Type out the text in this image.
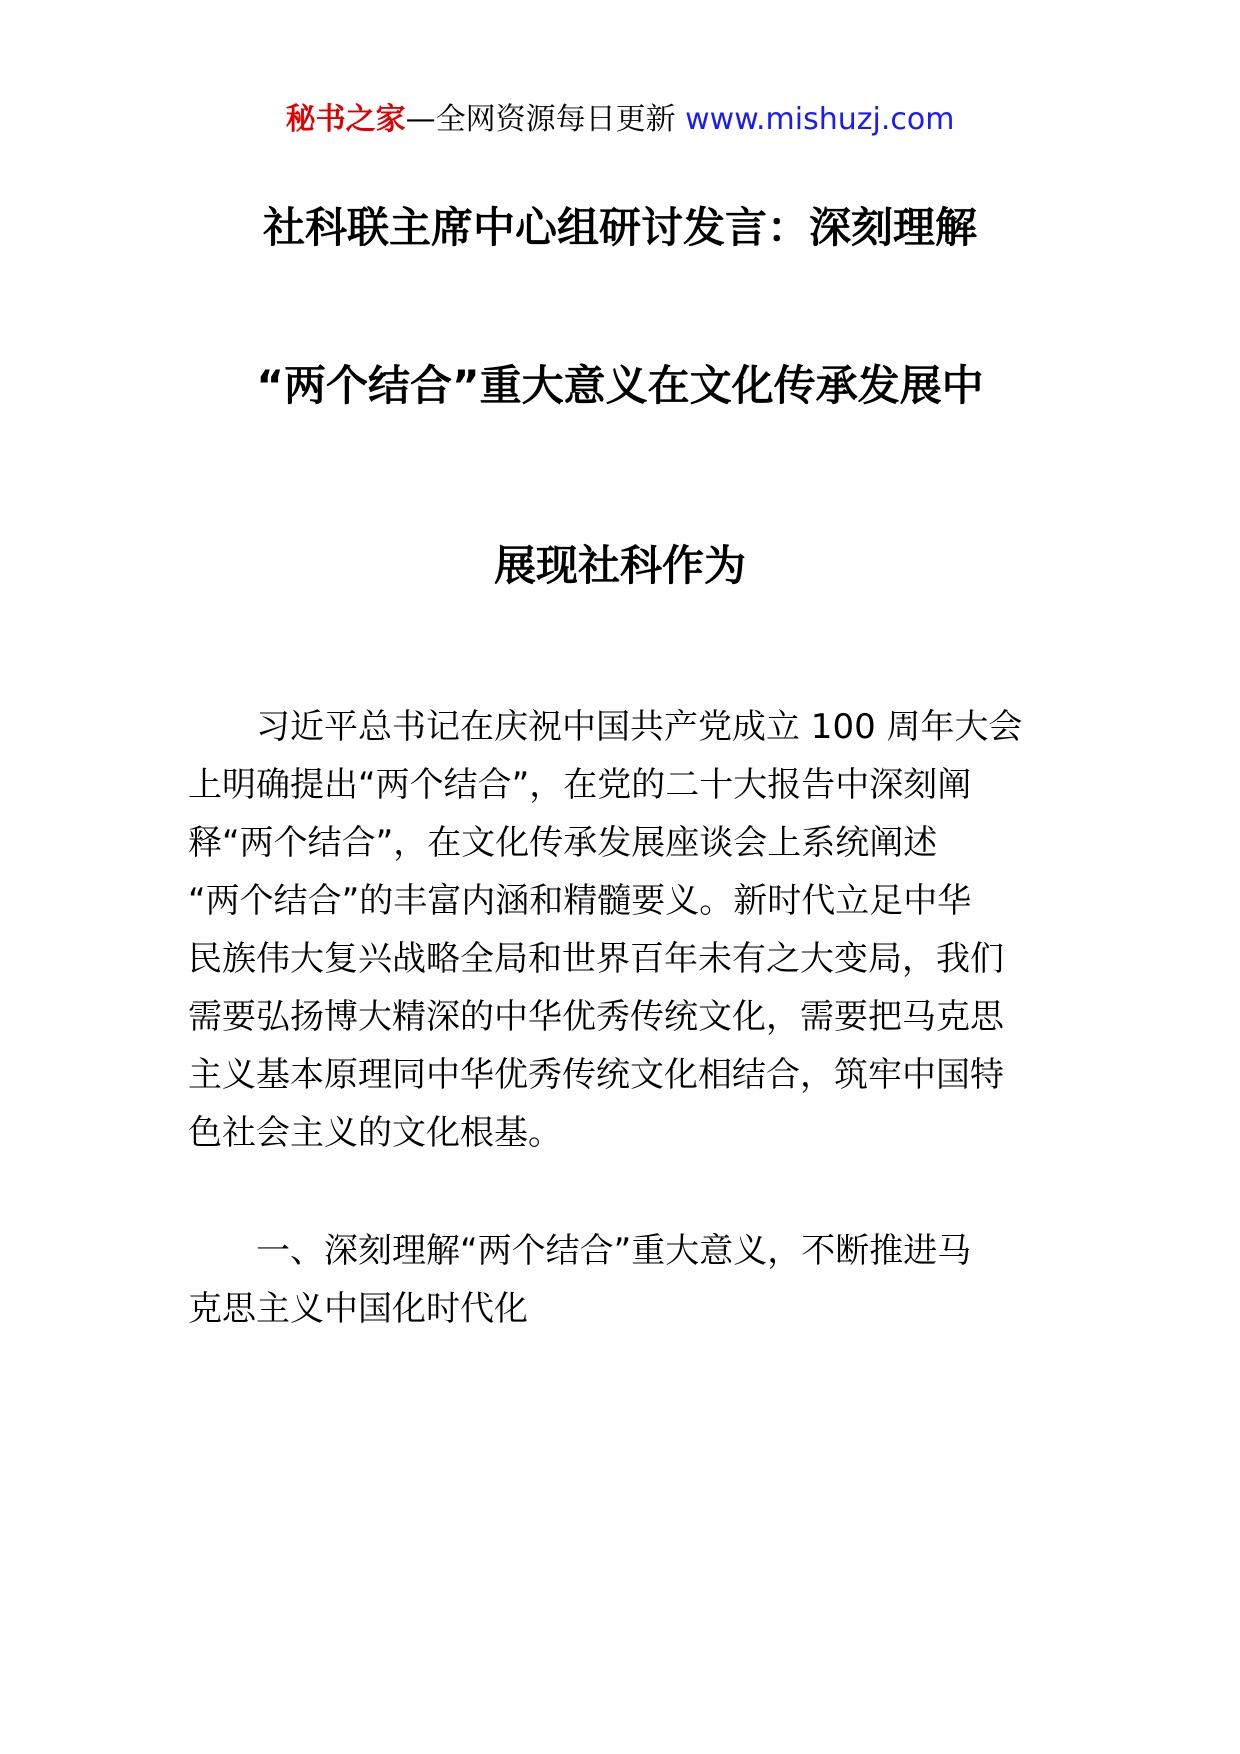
秘书之家—全网资源每日更新 www.mishuzj.com
社科联主席中心组研讨发言：深刻理解
“两个结合”重大意义在文化传承发展中
展现社科作为
　　习近平总书记在庆祝中国共产党成立 100 周年大会
上明确提出“两个结合”，在党的二十大报告中深刻阐
释“两个结合”，在文化传承发展座谈会上系统阐述
“两个结合”的丰富内涵和精髓要义。新时代立足中华
民族伟大复兴战略全局和世界百年未有之大变局，我们
需要弘扬博大精深的中华优秀传统文化，需要把马克思
主义基本原理同中华优秀传统文化相结合，筑牢中国特
色社会主义的文化根基。
　　一、深刻理解“两个结合”重大意义，不断推进马
克思主义中国化时代化
